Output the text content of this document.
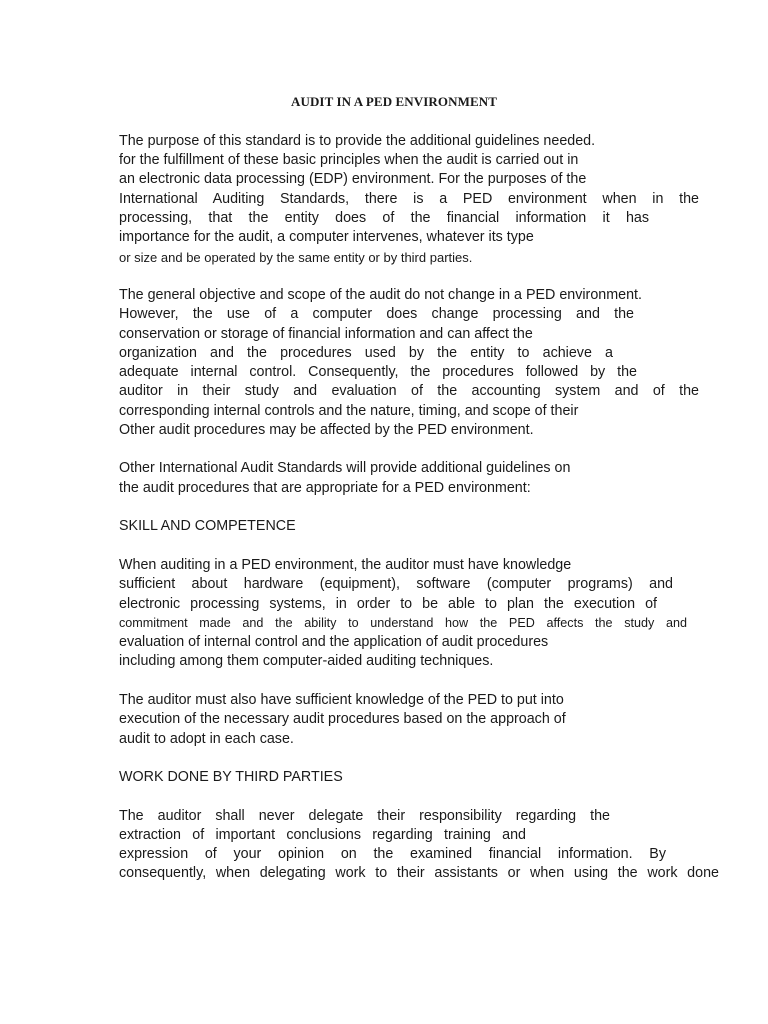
AUDIT IN A PED ENVIRONMENT

The purpose of this standard is to provide the additional guidelines needed.

for the fulfillment of these basic principles when the audit is carried out in

an electronic data processing (EDP) environment. For the purposes of the

International Auditing Standards, there is a PED environment when in the

processing, that the entity does of the financial information it has

importance for the audit, a computer intervenes, whatever its type

or size and be operated by the same entity or by third parties.

The general objective and scope of the audit do not change in a PED environment.

However, the use of a computer does change processing and the

conservation or storage of financial information and can affect the

organization and the procedures used by the entity to achieve a

adequate internal control. Consequently, the procedures followed by the

auditor in their study and evaluation of the accounting system and of the

corresponding internal controls and the nature, timing, and scope of their

Other audit procedures may be affected by the PED environment.

Other International Audit Standards will provide additional guidelines on

the audit procedures that are appropriate for a PED environment:

SKILL AND COMPETENCE

When auditing in a PED environment, the auditor must have knowledge

sufficient about hardware (equipment), software (computer programs) and

electronic processing systems, in order to be able to plan the execution of

commitment made and the ability to understand how the PED affects the study and

evaluation of internal control and the application of audit procedures

including among them computer-aided auditing techniques.

The auditor must also have sufficient knowledge of the PED to put into

execution of the necessary audit procedures based on the approach of

audit to adopt in each case.

WORK DONE BY THIRD PARTIES

The auditor shall never delegate their responsibility regarding the

extraction of important conclusions regarding training and

expression of your opinion on the examined financial information. By

consequently, when delegating work to their assistants or when using the work done
